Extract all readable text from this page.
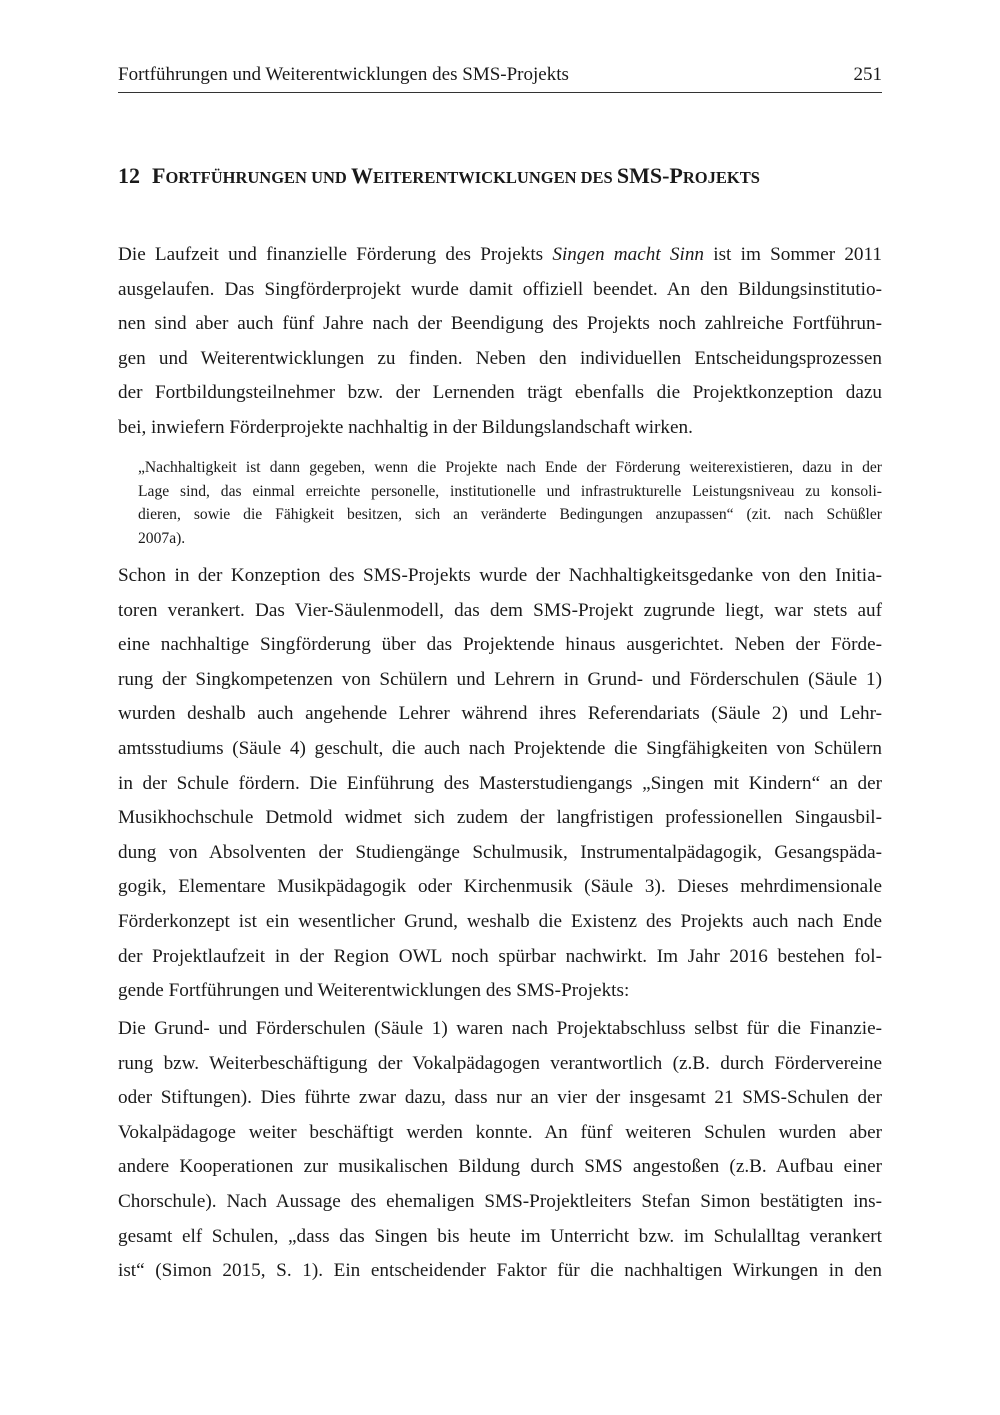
Fortführungen und Weiterentwicklungen des SMS-Projekts	251
12 FORTFÜHRUNGEN UND WEITERENTWICKLUNGEN DES SMS-PROJEKTS
Die Laufzeit und finanzielle Förderung des Projekts Singen macht Sinn ist im Sommer 2011
ausgelaufen. Das Singförderprojekt wurde damit offiziell beendet. An den Bildungsinstitutio-
nen sind aber auch fünf Jahre nach der Beendigung des Projekts noch zahlreiche Fortführun-
gen und Weiterentwicklungen zu finden. Neben den individuellen Entscheidungsprozessen
der Fortbildungsteilnehmer bzw. der Lernenden trägt ebenfalls die Projektkonzeption dazu
bei, inwiefern Förderprojekte nachhaltig in der Bildungslandschaft wirken.
„Nachhaltigkeit ist dann gegeben, wenn die Projekte nach Ende der Förderung weiterexistieren, dazu in der
Lage sind, das einmal erreichte personelle, institutionelle und infrastrukturelle Leistungsniveau zu konsoli-
dieren, sowie die Fähigkeit besitzen, sich an veränderte Bedingungen anzupassen“ (zit. nach Schüßler
2007a).
Schon in der Konzeption des SMS-Projekts wurde der Nachhaltigkeitsgedanke von den Initia-
toren verankert. Das Vier-Säulenmodell, das dem SMS-Projekt zugrunde liegt, war stets auf
eine nachhaltige Singförderung über das Projektende hinaus ausgerichtet. Neben der Förde-
rung der Singkompetenzen von Schülern und Lehrern in Grund- und Förderschulen (Säule 1)
wurden deshalb auch angehende Lehrer während ihres Referendariats (Säule 2) und Lehr-
amtsstudiums (Säule 4) geschult, die auch nach Projektende die Singfähigkeiten von Schülern
in der Schule fördern. Die Einführung des Masterstudiengangs „Singen mit Kindern“ an der
Musikhochschule Detmold widmet sich zudem der langfristigen professionellen Singausbil-
dung von Absolventen der Studiengänge Schulmusik, Instrumentalpädagogik, Gesangspäda-
gogik, Elementare Musikpädagogik oder Kirchenmusik (Säule 3). Dieses mehrdimensionale
Förderkonzept ist ein wesentlicher Grund, weshalb die Existenz des Projekts auch nach Ende
der Projektlaufzeit in der Region OWL noch spürbar nachwirkt. Im Jahr 2016 bestehen fol-
gende Fortführungen und Weiterentwicklungen des SMS-Projekts:
Die Grund- und Förderschulen (Säule 1) waren nach Projektabschluss selbst für die Finanzie-
rung bzw. Weiterbeschäftigung der Vokalpädagogen verantwortlich (z.B. durch Fördervereine
oder Stiftungen). Dies führte zwar dazu, dass nur an vier der insgesamt 21 SMS-Schulen der
Vokalpädagoge weiter beschäftigt werden konnte. An fünf weiteren Schulen wurden aber
andere Kooperationen zur musikalischen Bildung durch SMS angestoßen (z.B. Aufbau einer
Chorschule). Nach Aussage des ehemaligen SMS-Projektleiters Stefan Simon bestätigten ins-
gesamt elf Schulen, „dass das Singen bis heute im Unterricht bzw. im Schulalltag verankert
ist“ (Simon 2015, S. 1). Ein entscheidender Faktor für die nachhaltigen Wirkungen in den
